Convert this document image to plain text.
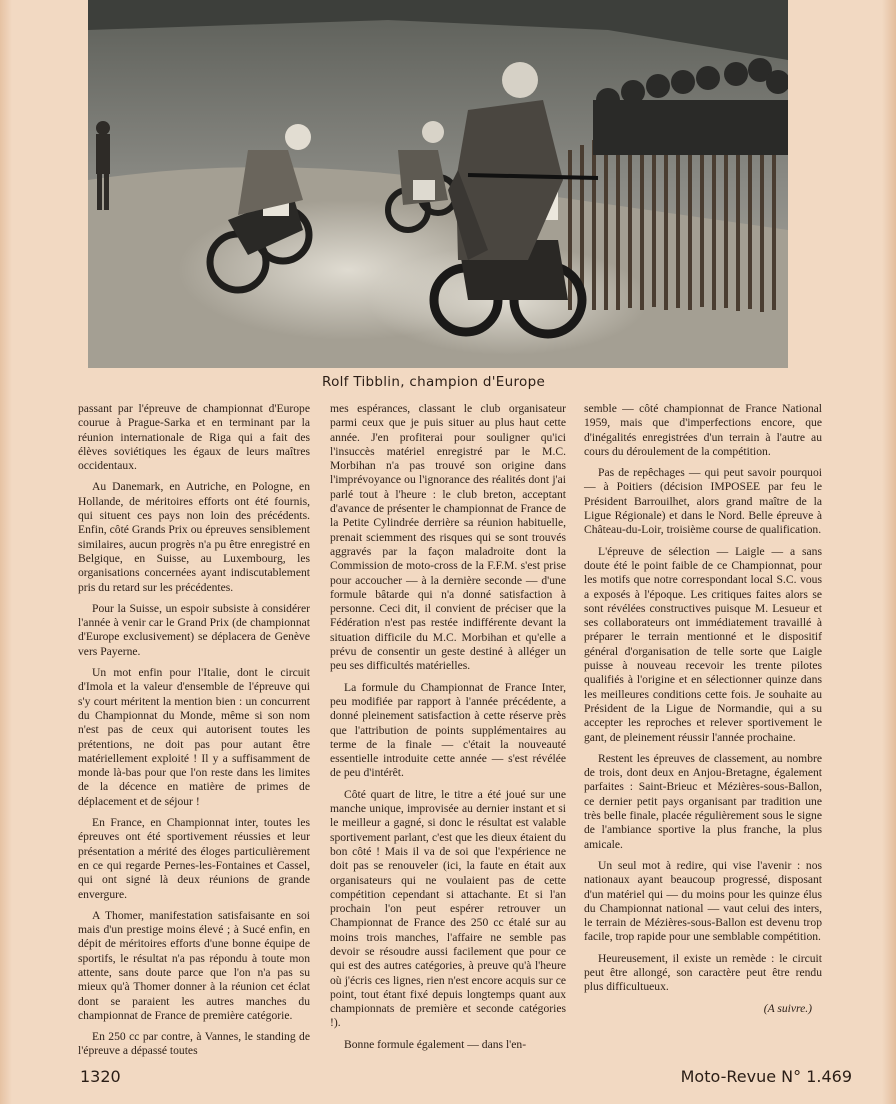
Rolf Tibblin, champion d'Europe

passant par l'épreuve de championnat d'Europe courue à Prague-Sarka et en terminant par la réunion internationale de Riga qui a fait des élèves soviétiques les égaux de leurs maîtres occidentaux.

Au Danemark, en Autriche, en Pologne, en Hollande, de méritoires efforts ont été fournis, qui situent ces pays non loin des précédents. Enfin, côté Grands Prix ou épreuves sensiblement similaires, aucun progrès n'a pu être enregistré en Belgique, en Suisse, au Luxembourg, les organisations concernées ayant indiscutablement pris du retard sur les précédentes.

Pour la Suisse, un espoir subsiste à considérer l'année à venir car le Grand Prix (de championnat d'Europe exclusivement) se déplacera de Genève vers Payerne.

Un mot enfin pour l'Italie, dont le circuit d'Imola et la valeur d'ensemble de l'épreuve qui s'y court méritent la mention bien : un concurrent du Championnat du Monde, même si son nom n'est pas de ceux qui autorisent toutes les prétentions, ne doit pas pour autant être matériellement exploité ! Il y a suffisamment de monde là-bas pour que l'on reste dans les limites de la décence en matière de primes de déplacement et de séjour !

En France, en Championnat inter, toutes les épreuves ont été sportivement réussies et leur présentation a mérité des éloges particulièrement en ce qui regarde Pernes-les-Fontaines et Cassel, qui ont signé là deux réunions de grande envergure.

A Thomer, manifestation satisfaisante en soi mais d'un prestige moins élevé ; à Sucé enfin, en dépit de méritoires efforts d'une bonne équipe de sportifs, le résultat n'a pas répondu à toute mon attente, sans doute parce que l'on n'a pas su mieux qu'à Thomer donner à la réunion cet éclat dont se paraient les autres manches du championnat de France de première catégorie.

En 250 cc par contre, à Vannes, le standing de l'épreuve a dépassé toutes

mes espérances, classant le club organisateur parmi ceux que je puis situer au plus haut cette année. J'en profiterai pour souligner qu'ici l'insuccès matériel enregistré par le M.C. Morbihan n'a pas trouvé son origine dans l'imprévoyance ou l'ignorance des réalités dont j'ai parlé tout à l'heure : le club breton, acceptant d'avance de présenter le championnat de France de la Petite Cylindrée derrière sa réunion habituelle, prenait sciemment des risques qui se sont trouvés aggravés par la façon maladroite dont la Commission de moto-cross de la F.F.M. s'est prise pour accoucher — à la dernière seconde — d'une formule bâtarde qui n'a donné satisfaction à personne. Ceci dit, il convient de préciser que la Fédération n'est pas restée indifférente devant la situation difficile du M.C. Morbihan et qu'elle a prévu de consentir un geste destiné à alléger un peu ses difficultés matérielles.

La formule du Championnat de France Inter, peu modifiée par rapport à l'année précédente, a donné pleinement satisfaction à cette réserve près que l'attribution de points supplémentaires au terme de la finale — c'était la nouveauté essentielle introduite cette année — s'est révélée de peu d'intérêt.

Côté quart de litre, le titre a été joué sur une manche unique, improvisée au dernier instant et si le meilleur a gagné, si donc le résultat est valable sportivement parlant, c'est que les dieux étaient du bon côté ! Mais il va de soi que l'expérience ne doit pas se renouveler (ici, la faute en était aux organisateurs qui ne voulaient pas de cette compétition cependant si attachante. Et si l'an prochain l'on peut espérer retrouver un Championnat de France des 250 cc étalé sur au moins trois manches, l'affaire ne semble pas devoir se résoudre aussi facilement que pour ce qui est des autres catégories, à preuve qu'à l'heure où j'écris ces lignes, rien n'est encore acquis sur ce point, tout étant fixé depuis longtemps quant aux championnats de première et seconde catégories !).

Bonne formule également — dans l'en-

semble — côté championnat de France National 1959, mais que d'imperfections encore, que d'inégalités enregistrées d'un terrain à l'autre au cours du déroulement de la compétition.

Pas de repêchages — qui peut savoir pourquoi — à Poitiers (décision IMPOSEE par feu le Président Barrouilhet, alors grand maître de la Ligue Régionale) et dans le Nord. Belle épreuve à Château-du-Loir, troisième course de qualification.

L'épreuve de sélection — Laigle — a sans doute été le point faible de ce Championnat, pour les motifs que notre correspondant local S.C. vous a exposés à l'époque. Les critiques faites alors se sont révélées constructives puisque M. Lesueur et ses collaborateurs ont immédiatement travaillé à préparer le terrain mentionné et le dispositif général d'organisation de telle sorte que Laigle puisse à nouveau recevoir les trente pilotes qualifiés à l'origine et en sélectionner quinze dans les meilleures conditions cette fois. Je souhaite au Président de la Ligue de Normandie, qui a su accepter les reproches et relever sportivement le gant, de pleinement réussir l'année prochaine.

Restent les épreuves de classement, au nombre de trois, dont deux en Anjou-Bretagne, également parfaites : Saint-Brieuc et Mézières-sous-Ballon, ce dernier petit pays organisant par tradition une très belle finale, placée régulièrement sous le signe de l'ambiance sportive la plus franche, la plus amicale.

Un seul mot à redire, qui vise l'avenir : nos nationaux ayant beaucoup progressé, disposant d'un matériel qui — du moins pour les quinze élus du Championnat national — vaut celui des inters, le terrain de Mézières-sous-Ballon est devenu trop facile, trop rapide pour une semblable compétition.

Heureusement, il existe un remède : le circuit peut être allongé, son caractère peut être rendu plus difficultueux.

(A suivre.)
1320	Moto-Revue N° 1.469
